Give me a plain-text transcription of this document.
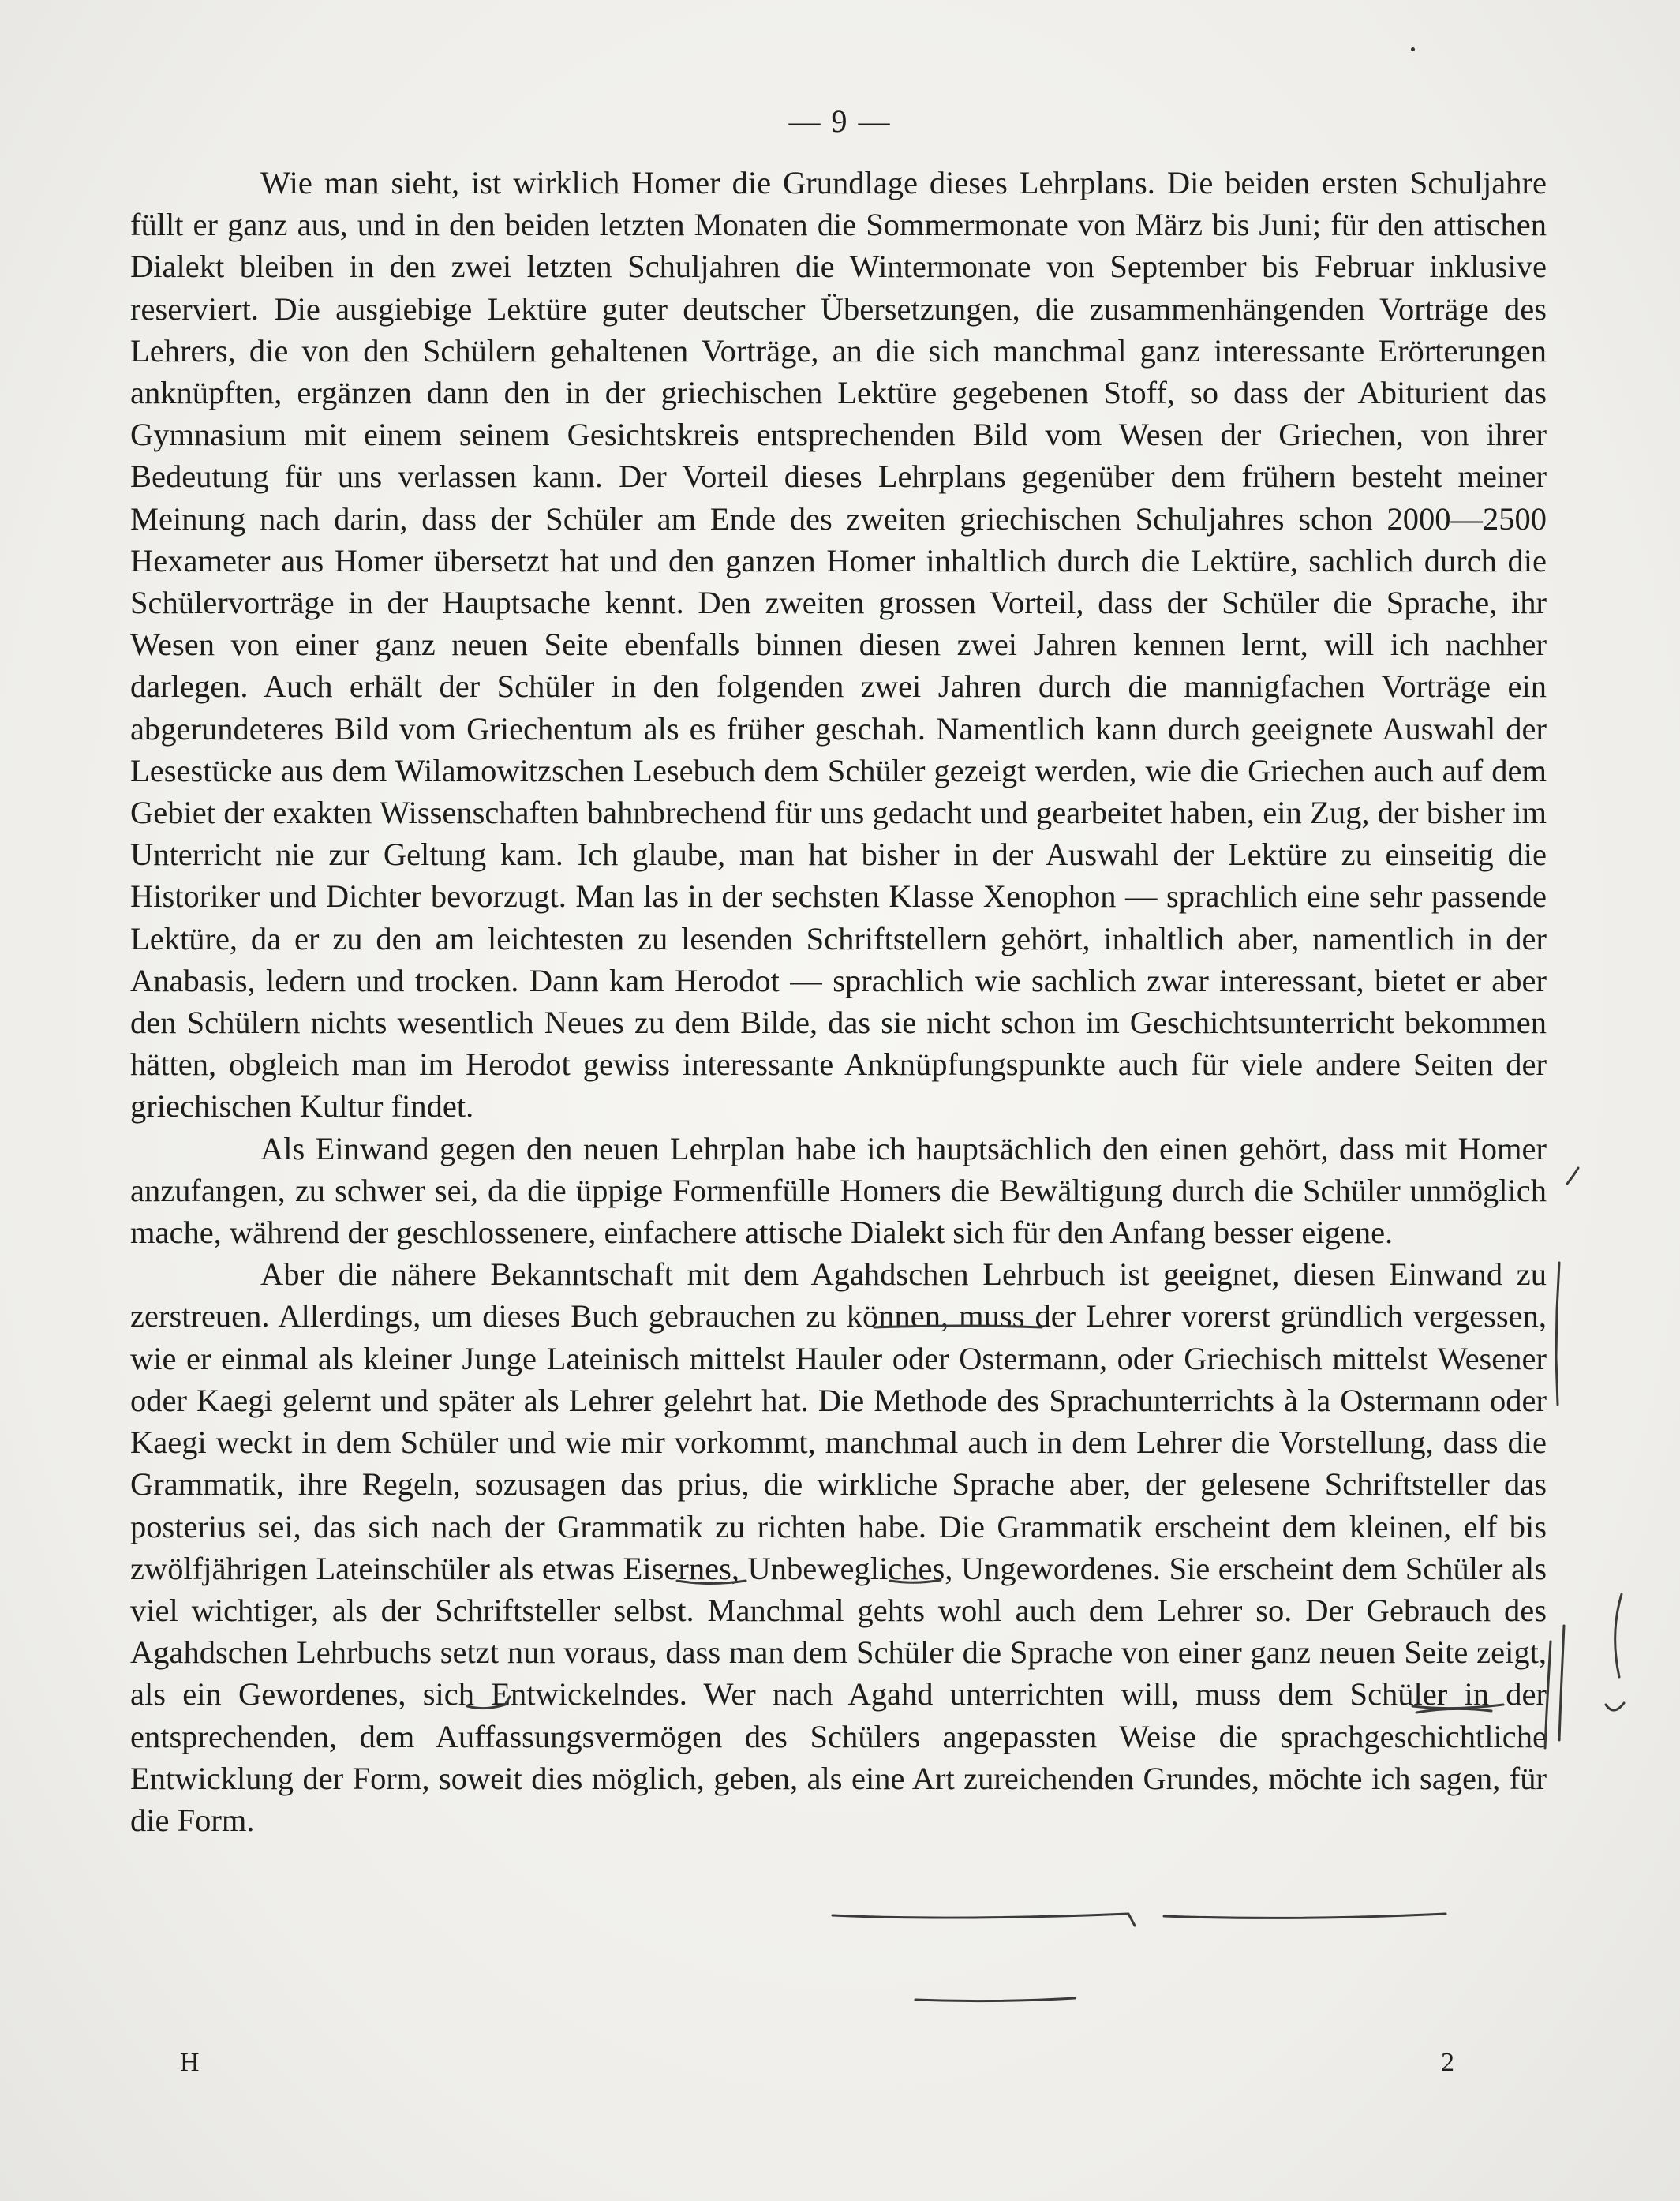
— 9 —

Wie man sieht, ist wirklich Homer die Grundlage dieses Lehrplans. Die beiden ersten Schuljahre füllt er ganz aus, und in den beiden letzten Monaten die Sommermonate von März bis Juni; für den attischen Dialekt bleiben in den zwei letzten Schuljahren die Wintermonate von September bis Februar inklusive reserviert. Die ausgiebige Lektüre guter deutscher Übersetzungen, die zusammenhängenden Vorträge des Lehrers, die von den Schülern gehaltenen Vorträge, an die sich manchmal ganz interessante Erörterungen anknüpften, ergänzen dann den in der griechischen Lektüre gegebenen Stoff, so dass der Abiturient das Gymnasium mit einem seinem Gesichtskreis entsprechenden Bild vom Wesen der Griechen, von ihrer Bedeutung für uns verlassen kann. Der Vorteil dieses Lehrplans gegenüber dem frühern besteht meiner Meinung nach darin, dass der Schüler am Ende des zweiten griechischen Schuljahres schon 2000—2500 Hexameter aus Homer übersetzt hat und den ganzen Homer inhaltlich durch die Lektüre, sachlich durch die Schülervorträge in der Hauptsache kennt. Den zweiten grossen Vorteil, dass der Schüler die Sprache, ihr Wesen von einer ganz neuen Seite ebenfalls binnen diesen zwei Jahren kennen lernt, will ich nachher darlegen. Auch erhält der Schüler in den folgenden zwei Jahren durch die mannigfachen Vorträge ein abgerundeteres Bild vom Griechentum als es früher geschah. Namentlich kann durch geeignete Auswahl der Lesestücke aus dem Wilamowitzschen Lesebuch dem Schüler gezeigt werden, wie die Griechen auch auf dem Gebiet der exakten Wissenschaften bahnbrechend für uns gedacht und gearbeitet haben, ein Zug, der bisher im Unterricht nie zur Geltung kam. Ich glaube, man hat bisher in der Auswahl der Lektüre zu einseitig die Historiker und Dichter bevorzugt. Man las in der sechsten Klasse Xenophon — sprachlich eine sehr passende Lektüre, da er zu den am leichtesten zu lesenden Schriftstellern gehört, inhaltlich aber, namentlich in der Anabasis, ledern und trocken. Dann kam Herodot — sprachlich wie sachlich zwar interessant, bietet er aber den Schülern nichts wesentlich Neues zu dem Bilde, das sie nicht schon im Geschichtsunterricht bekommen hätten, obgleich man im Herodot gewiss interessante Anknüpfungspunkte auch für viele andere Seiten der griechischen Kultur findet.

Als Einwand gegen den neuen Lehrplan habe ich hauptsächlich den einen gehört, dass mit Homer anzufangen, zu schwer sei, da die üppige Formenfülle Homers die Bewältigung durch die Schüler unmöglich mache, während der geschlossenere, einfachere attische Dialekt sich für den Anfang besser eigene.

Aber die nähere Bekanntschaft mit dem Agahdschen Lehrbuch ist geeignet, diesen Einwand zu zerstreuen. Allerdings, um dieses Buch gebrauchen zu können, muss der Lehrer vorerst gründlich vergessen, wie er einmal als kleiner Junge Lateinisch mittelst Hauler oder Ostermann, oder Griechisch mittelst Wesener oder Kaegi gelernt und später als Lehrer gelehrt hat. Die Methode des Sprachunterrichts à la Ostermann oder Kaegi weckt in dem Schüler und wie mir vorkommt, manchmal auch in dem Lehrer die Vorstellung, dass die Grammatik, ihre Regeln, sozusagen das prius, die wirkliche Sprache aber, der gelesene Schriftsteller das posterius sei, das sich nach der Grammatik zu richten habe. Die Grammatik erscheint dem kleinen, elf bis zwölfjährigen Lateinschüler als etwas Eisernes, Unbewegliches, Ungewordenes. Sie erscheint dem Schüler als viel wichtiger, als der Schriftsteller selbst. Manchmal gehts wohl auch dem Lehrer so. Der Gebrauch des Agahdschen Lehrbuchs setzt nun voraus, dass man dem Schüler die Sprache von einer ganz neuen Seite zeigt, als ein Gewordenes, sich Entwickelndes. Wer nach Agahd unterrichten will, muss dem Schüler in der entsprechenden, dem Auffassungsvermögen des Schülers angepassten Weise die sprachgeschichtliche Entwicklung der Form, soweit dies möglich, geben, als eine Art zureichenden Grundes, möchte ich sagen, für die Form.

H	2
